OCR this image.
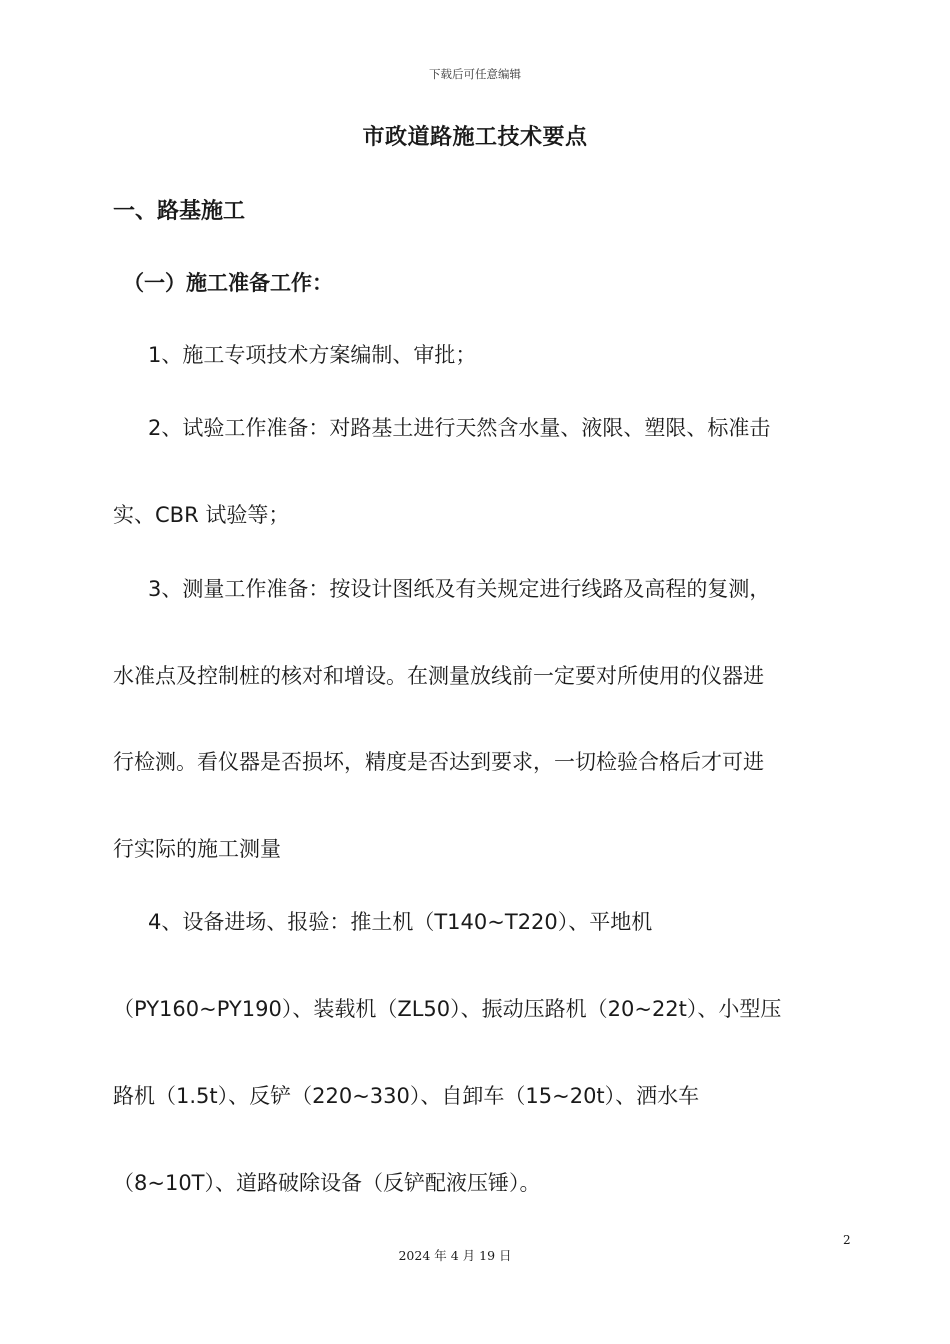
下载后可任意编辑
市政道路施工技术要点
一、路基施工
（一）施工准备工作：
1、施工专项技术方案编制、审批；
2、试验工作准备：对路基土进行天然含水量、液限、塑限、标准击
实、CBR 试验等；
3、测量工作准备：按设计图纸及有关规定进行线路及高程的复测，
水准点及控制桩的核对和增设。在测量放线前一定要对所使用的仪器进
行检测。看仪器是否损坏，精度是否达到要求，一切检验合格后才可进
行实际的施工测量
4、设备进场、报验：推土机（T140~T220）、平地机
（PY160~PY190）、装载机（ZL50）、振动压路机（20~22t）、小型压
路机（1.5t）、反铲（220~330）、自卸车（15~20t）、洒水车
（8~10T）、道路破除设备（反铲配液压锤）。
2
2024 年 4 月 19 日
